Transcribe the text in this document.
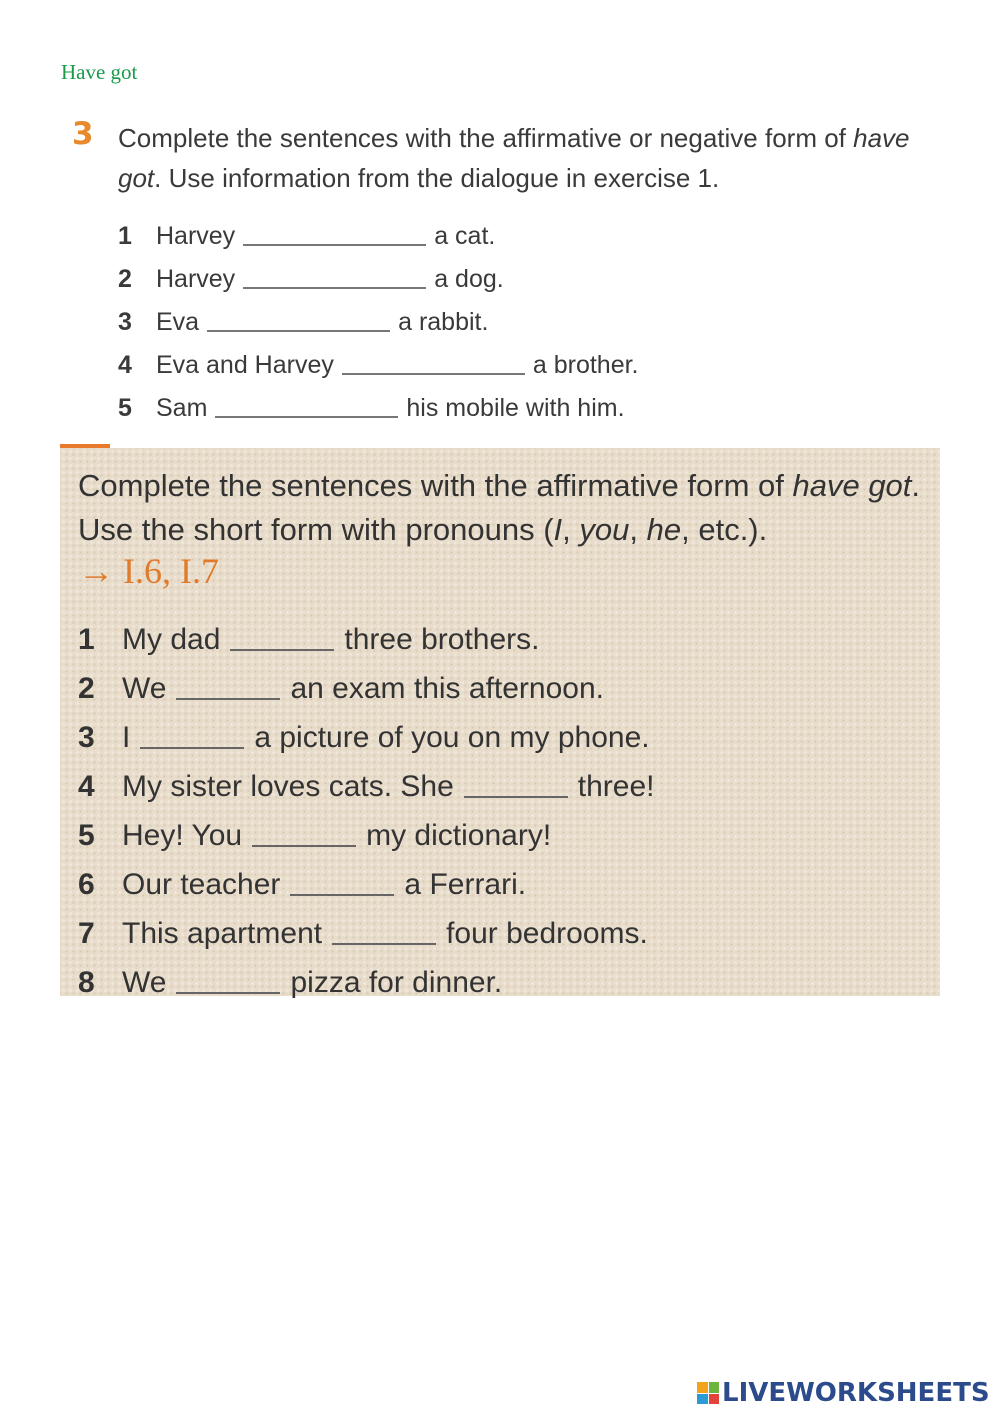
Have got
3 Complete the sentences with the affirmative or negative form of have got. Use information from the dialogue in exercise 1.
1 Harvey	a cat.
2 Harvey	a dog.
3 Eva	a rabbit.
4 Eva and Harvey	a brother.
5 Sam	his mobile with him.
Complete the sentences with the affirmative form of have got. Use the short form with pronouns (I, you, he, etc.).
→ I.6, I.7
1 My dad	three brothers.
2 We	an exam this afternoon.
3 I	a picture of you on my phone.
4 My sister loves cats. She	three!
5 Hey! You	my dictionary!
6 Our teacher	a Ferrari.
7 This apartment	four bedrooms.
8 We	pizza for dinner.
LIVEWORKSHEETS
